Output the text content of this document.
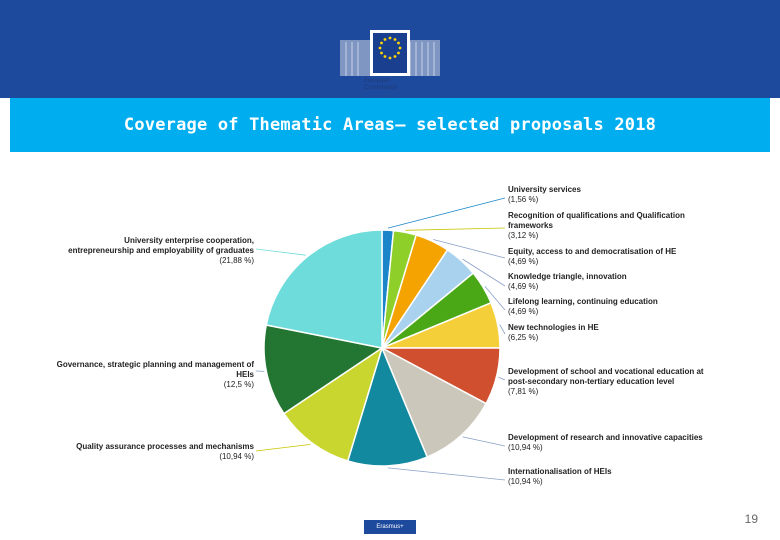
European
Commission
Coverage of Thematic Areas– selected proposals 2018
University services (1,56 %)
Recognition of qualifications and Qualification frameworks (3,12 %)
Equity, access to and democratisation of HE (4,69 %)
Knowledge triangle, innovation (4,69 %)
Lifelong learning, continuing education (4,69 %)
New technologies in HE (6,25 %)
Development of school and vocational education at post-secondary non-tertiary education level (7,81 %)
Development of research and innovative capacities (10,94 %)
Internationalisation of HEIs (10,94 %)
Quality assurance processes and mechanisms (10,94 %)
Governance, strategic planning and management of HEIs (12,5 %)
University enterprise cooperation, entrepreneurship and employability of graduates (21,88 %)
19
Erasmus+
